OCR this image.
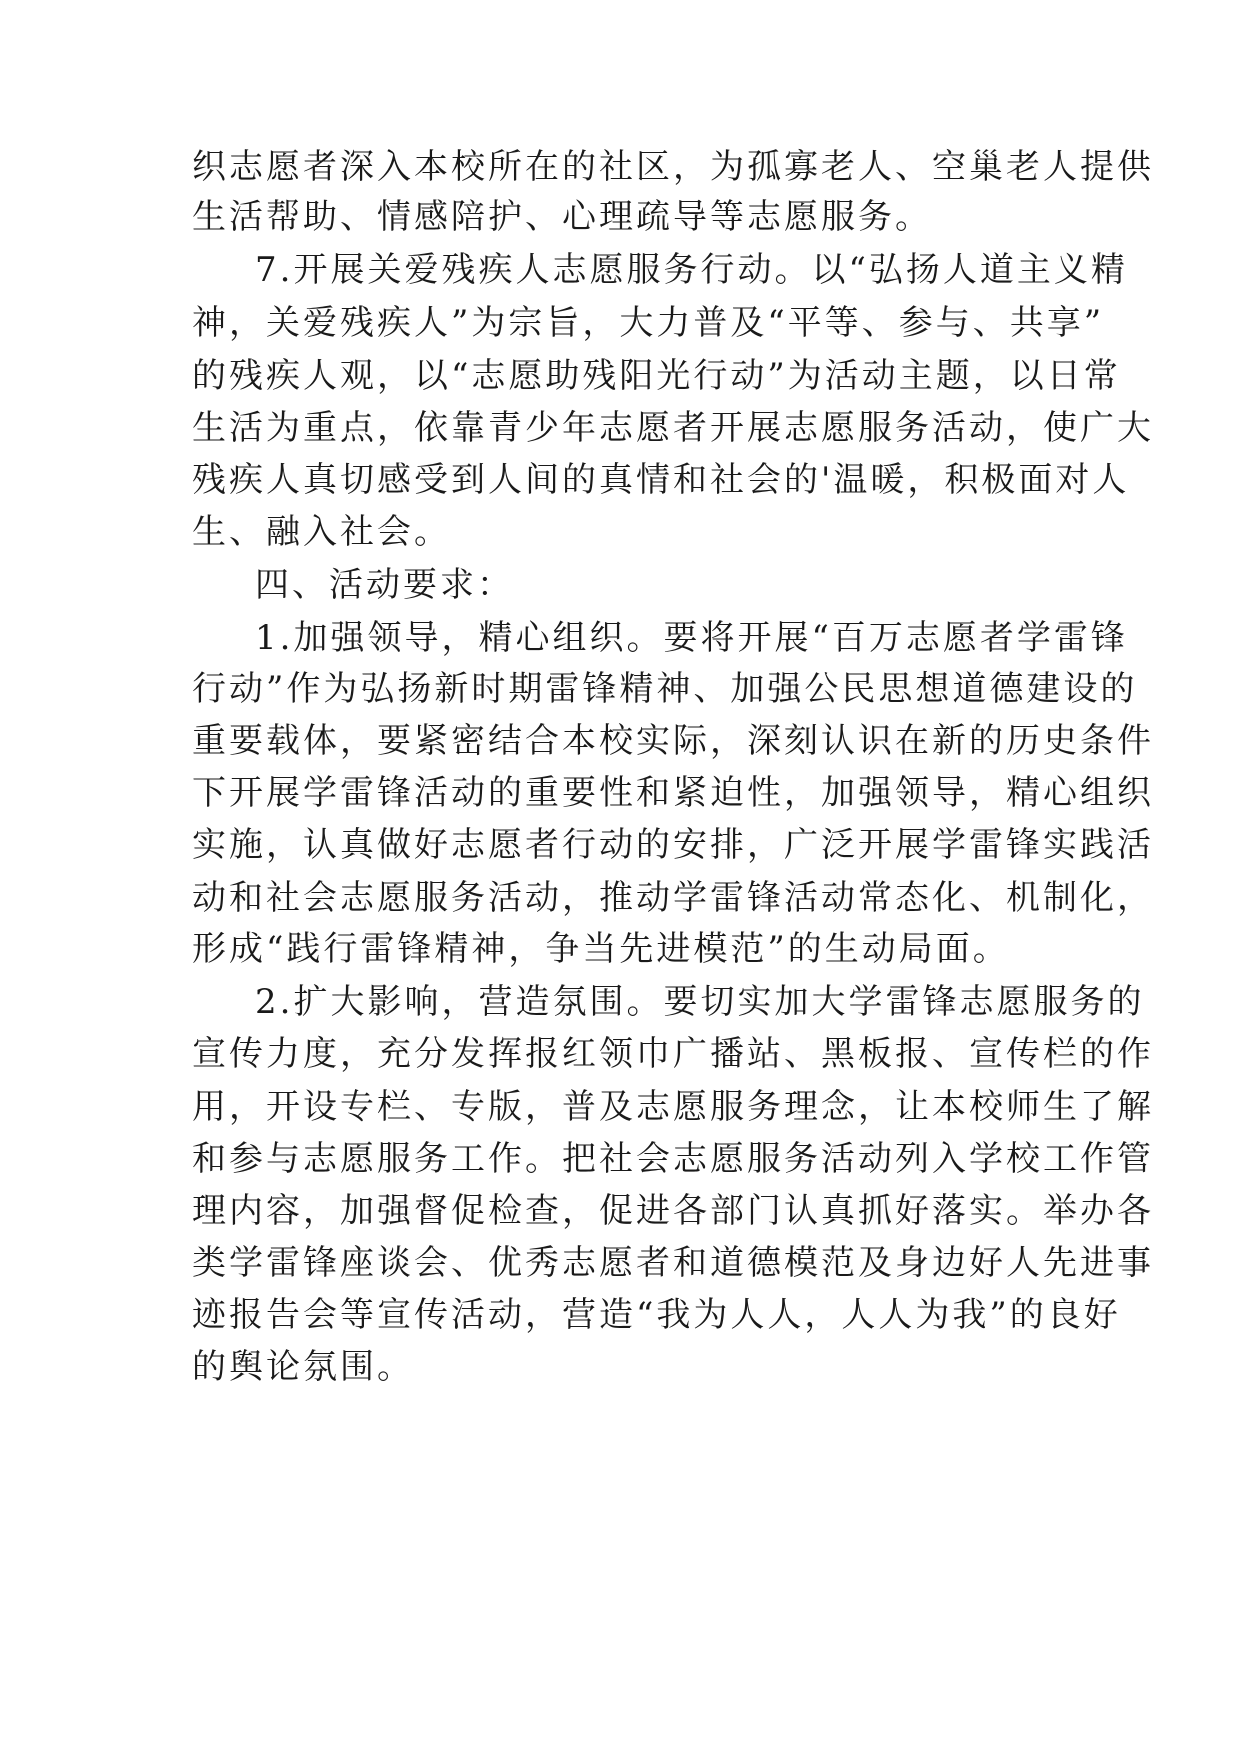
织志愿者深入本校所在的社区，为孤寡老人、空巢老人提供
生活帮助、情感陪护、心理疏导等志愿服务。
7.开展关爱残疾人志愿服务行动。以“弘扬人道主义精
神，关爱残疾人”为宗旨，大力普及“平等、参与、共享”
的残疾人观，以“志愿助残阳光行动”为活动主题，以日常
生活为重点，依靠青少年志愿者开展志愿服务活动，使广大
残疾人真切感受到人间的真情和社会的'温暖，积极面对人
生、融入社会。
四、活动要求：
1.加强领导，精心组织。要将开展“百万志愿者学雷锋
行动”作为弘扬新时期雷锋精神、加强公民思想道德建设的
重要载体，要紧密结合本校实际，深刻认识在新的历史条件
下开展学雷锋活动的重要性和紧迫性，加强领导，精心组织
实施，认真做好志愿者行动的安排，广泛开展学雷锋实践活
动和社会志愿服务活动，推动学雷锋活动常态化、机制化，
形成“践行雷锋精神，争当先进模范”的生动局面。
2.扩大影响，营造氛围。要切实加大学雷锋志愿服务的
宣传力度，充分发挥报红领巾广播站、黑板报、宣传栏的作
用，开设专栏、专版，普及志愿服务理念，让本校师生了解
和参与志愿服务工作。把社会志愿服务活动列入学校工作管
理内容，加强督促检查，促进各部门认真抓好落实。举办各
类学雷锋座谈会、优秀志愿者和道德模范及身边好人先进事
迹报告会等宣传活动，营造“我为人人，人人为我”的良好
的舆论氛围。
